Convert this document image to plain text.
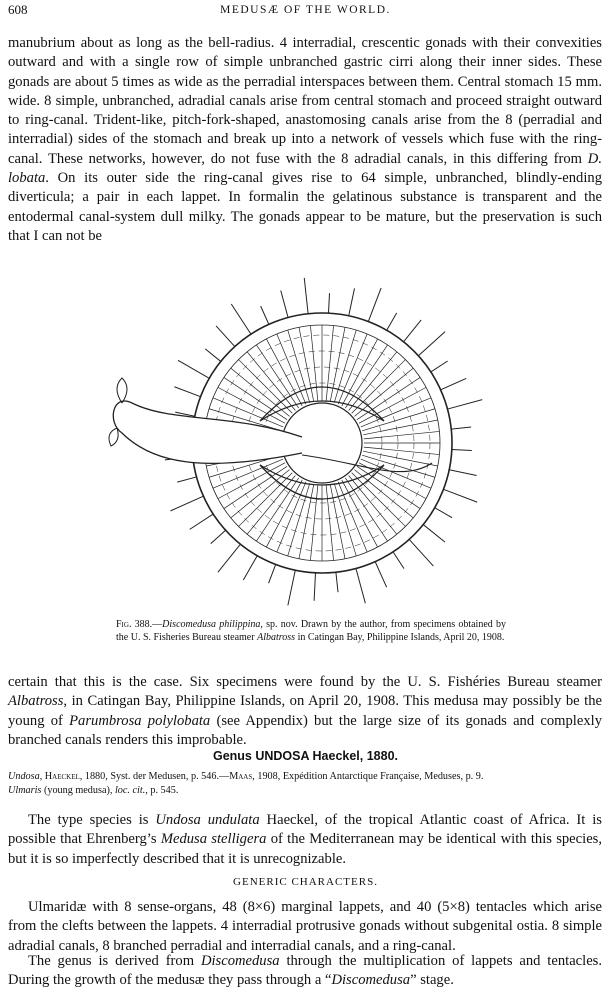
608	MEDUSÆ OF THE WORLD.

manubrium about as long as the bell-radius. 4 interradial, crescentic gonads with their convexities outward and with a single row of simple unbranched gastric cirri along their inner sides. These gonads are about 5 times as wide as the perradial interspaces between them. Central stomach 15 mm. wide. 8 simple, unbranched, adradial canals arise from central stomach and proceed straight outward to ring-canal. Trident-like, pitch-fork-shaped, anastomosing canals arise from the 8 (perradial and interradial) sides of the stomach and break up into a network of vessels which fuse with the ring-canal. These networks, however, do not fuse with the 8 adradial canals, in this differing from D. lobata. On its outer side the ring-canal gives rise to 64 simple, unbranched, blindly-ending diverticula; a pair in each lappet. In formalin the gelatinous substance is transparent and the entodermal canal-system dull milky. The gonads appear to be mature, but the preservation is such that I can not be

Fig. 388.—Discomedusa philippina, sp. nov. Drawn by the author, from specimens obtained by the U. S. Fisheries Bureau steamer Albatross in Catingan Bay, Philippine Islands, April 20, 1908.

certain that this is the case. Six specimens were found by the U. S. Fishéries Bureau steamer Albatross, in Catingan Bay, Philippine Islands, on April 20, 1908. This medusa may possibly be the young of Parumbrosa polylobata (see Appendix) but the large size of its gonads and complexly branched canals renders this improbable.

Genus UNDOSA Haeckel, 1880.
Undosa, Haeckel, 1880, Syst. der Medusen, p. 546.—Maas, 1908, Expédition Antarctique Française, Meduses, p. 9.
Ulmaris (young medusa), loc. cit., p. 545.

The type species is Undosa undulata Haeckel, of the tropical Atlantic coast of Africa. It is possible that Ehrenberg’s Medusa stelligera of the Mediterranean may be identical with this species, but it is so imperfectly described that it is unrecognizable.

GENERIC CHARACTERS.

Ulmaridæ with 8 sense-organs, 48 (8×6) marginal lappets, and 40 (5×8) tentacles which arise from the clefts between the lappets. 4 interradial protrusive gonads without subgenital ostia. 8 simple adradial canals, 8 branched perradial and interradial canals, and a ring-canal.

The genus is derived from Discomedusa through the multiplication of lappets and tentacles. During the growth of the medusæ they pass through a “Discomedusa” stage.
